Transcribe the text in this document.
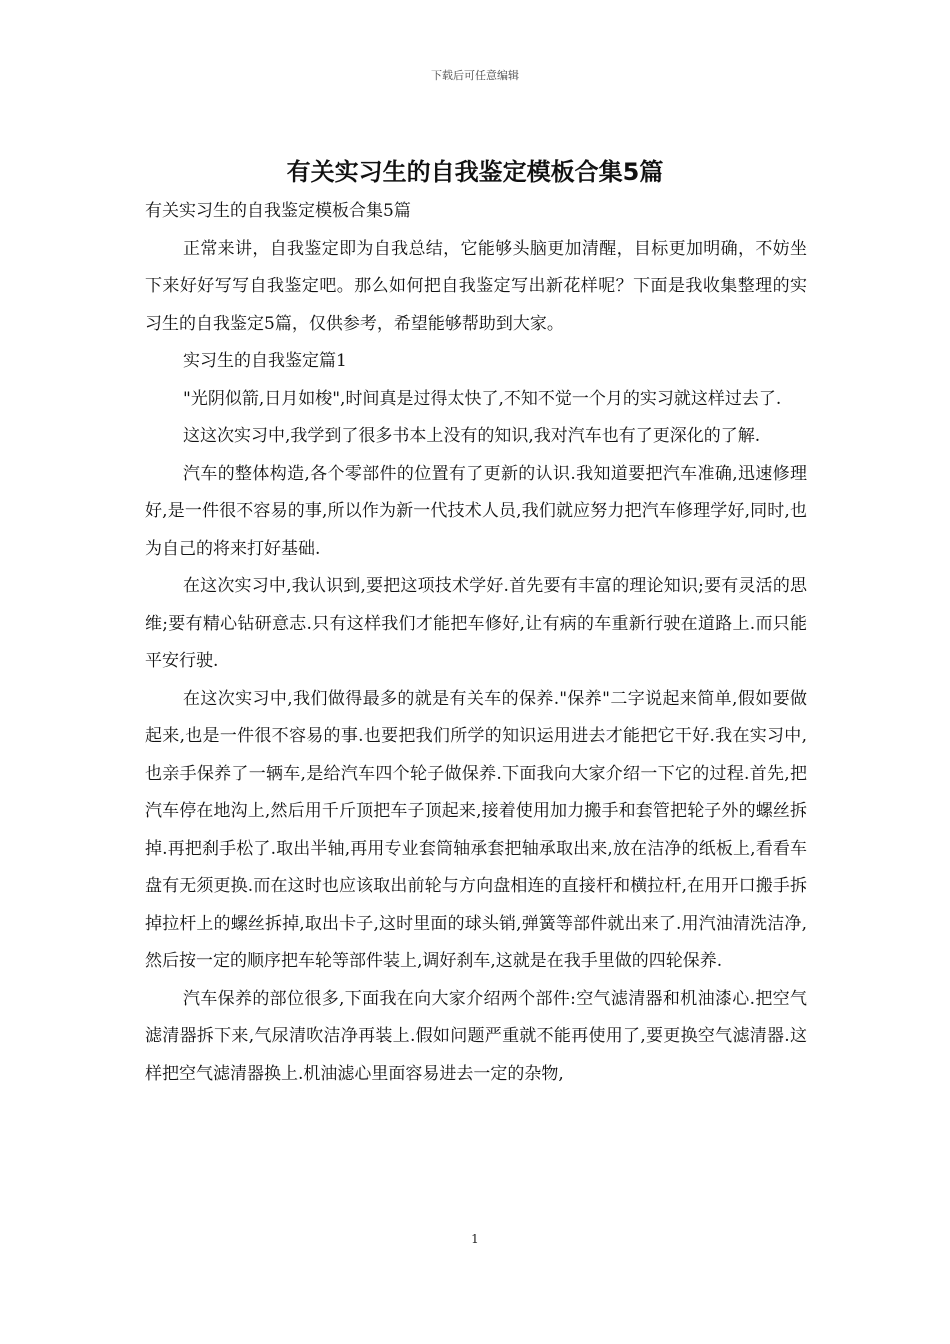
下载后可任意编辑
有关实习生的自我鉴定模板合集5篇

有关实习生的自我鉴定模板合集5篇

正常来讲，自我鉴定即为自我总结，它能够头脑更加清醒，目标更加明确，不妨坐下来好好写写自我鉴定吧。那么如何把自我鉴定写出新花样呢？下面是我收集整理的实习生的自我鉴定5篇，仅供参考，希望能够帮助到大家。

实习生的自我鉴定篇1

"光阴似箭,日月如梭",时间真是过得太快了,不知不觉一个月的实习就这样过去了.

这这次实习中,我学到了很多书本上没有的知识,我对汽车也有了更深化的了解.

汽车的整体构造,各个零部件的位置有了更新的认识.我知道要把汽车准确,迅速修理好,是一件很不容易的事,所以作为新一代技术人员,我们就应努力把汽车修理学好,同时,也为自己的将来打好基础.

在这次实习中,我认识到,要把这项技术学好.首先要有丰富的理论知识;要有灵活的思维;要有精心钻研意志.只有这样我们才能把车修好,让有病的车重新行驶在道路上.而只能平安行驶.

在这次实习中,我们做得最多的就是有关车的保养."保养"二字说起来简单,假如要做起来,也是一件很不容易的事.也要把我们所学的知识运用进去才能把它干好.我在实习中,也亲手保养了一辆车,是给汽车四个轮子做保养.下面我向大家介绍一下它的过程.首先,把汽车停在地沟上,然后用千斤顶把车子顶起来,接着使用加力搬手和套管把轮子外的螺丝拆掉.再把刹手松了.取出半轴,再用专业套筒轴承套把轴承取出来,放在洁净的纸板上,看看车盘有无须更换.而在这时也应该取出前轮与方向盘相连的直接杆和横拉杆,在用开口搬手拆掉拉杆上的螺丝拆掉,取出卡子,这时里面的球头销,弹簧等部件就出来了.用汽油清洗洁净,然后按一定的顺序把车轮等部件装上,调好刹车,这就是在我手里做的四轮保养.

汽车保养的部位很多,下面我在向大家介绍两个部件:空气滤清器和机油漆心.把空气滤清器拆下来,气尿清吹洁净再装上.假如问题严重就不能再使用了,要更换空气滤清器.这样把空气滤清器换上.机油滤心里面容易进去一定的杂物,

1
